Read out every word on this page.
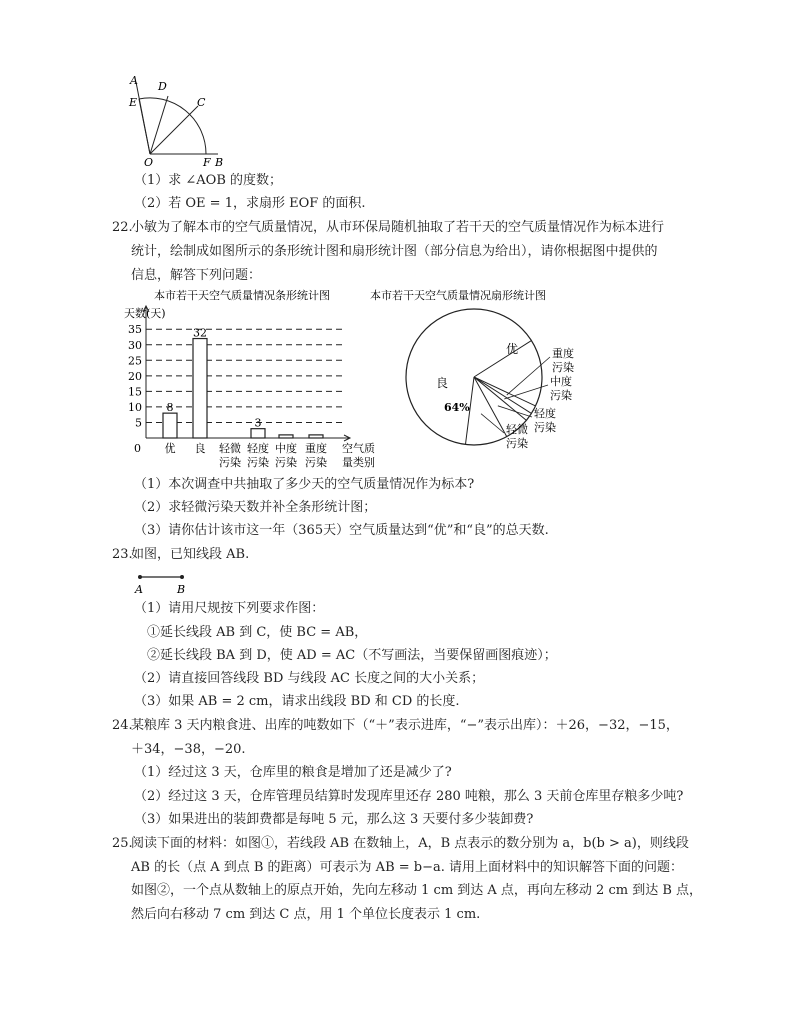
A D
E	C
O	F B
（1）求 ∠AOB 的度数；
（2）若 OE = 1，求扇形 EOF 的面积.
22.
小敏为了解本市的空气质量情况，从市环保局随机抽取了若干天的空气质量情况作为标本进行
统计，绘制成如图所示的条形统计图和扇形统计图（部分信息为给出），请你根据图中提供的
信息，解答下列问题：
本市若干天空气质量情况条形统计图
天数(天)
5
10
15
20
25
30
35
0
8
优
32
良 轻微
污染
3
轻度
污染
中度
污染
重度
污染
空气质
量类别
本市若干天空气质量情况扇形统计图
良
64%
优	重度
污染
中度
污染
轻度
污染
轻微
污染
（1）本次调查中共抽取了多少天的空气质量情况作为标本?
（2）求轻微污染天数并补全条形统计图；
（3）请你估计该市这一年（365天）空气质量达到“优”和“良”的总天数.
23.
如图，已知线段 AB.
A	B
（1）请用尺规按下列要求作图：
①延长线段 AB 到 C，使 BC = AB，
②延长线段 BA 到 D，使 AD = AC（不写画法，当要保留画图痕迹）；
（2）请直接回答线段 BD 与线段 AC 长度之间的大小关系；
（3）如果 AB = 2 cm，请求出线段 BD 和 CD 的长度.
24.
某粮库 3 天内粮食进、出库的吨数如下（“＋”表示进库，“−”表示出库）：＋26，−32，−15，
＋34，−38，−20.
（1）经过这 3 天，仓库里的粮食是增加了还是减少了?
（2）经过这 3 天，仓库管理员结算时发现库里还存 280 吨粮，那么 3 天前仓库里存粮多少吨?
（3）如果进出的装卸费都是每吨 5 元，那么这 3 天要付多少装卸费?
25.
阅读下面的材料：如图①，若线段 AB 在数轴上，A，B 点表示的数分别为 a，b(b > a)，则线段
AB 的长（点 A 到点 B 的距离）可表示为 AB = b−a. 请用上面材料中的知识解答下面的问题：
如图②，一个点从数轴上的原点开始，先向左移动 1 cm 到达 A 点，再向左移动 2 cm 到达 B 点，
然后向右移动 7 cm 到达 C 点，用 1 个单位长度表示 1 cm.
